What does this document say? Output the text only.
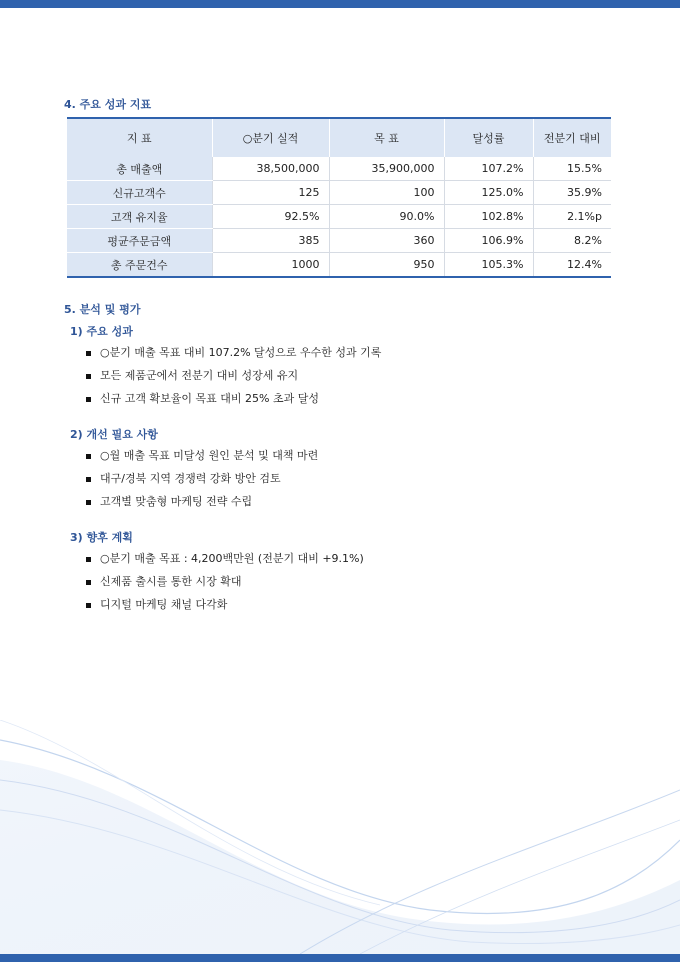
4. 주요 성과 지표
지 표	○분기 실적	목 표	달성률	전분기 대비
총 매출액	38,500,000	35,900,000	107.2%	15.5%
신규고객수	125	100	125.0%	35.9%
고객 유지율	92.5%	90.0%	102.8%	2.1%p
평균주문금액	385	360	106.9%	8.2%
총 주문건수	1000	950	105.3%	12.4%
5. 분석 및 평가
1) 주요 성과
○분기 매출 목표 대비 107.2% 달성으로 우수한 성과 기록
모든 제품군에서 전분기 대비 성장세 유지
신규 고객 확보율이 목표 대비 25% 초과 달성
2) 개선 필요 사항
○월 매출 목표 미달성 원인 분석 및 대책 마련
대구/경북 지역 경쟁력 강화 방안 검토
고객별 맞춤형 마케팅 전략 수립
3) 향후 계획
○분기 매출 목표 : 4,200백만원 (전분기 대비 +9.1%)
신제품 출시를 통한 시장 확대
디지털 마케팅 채널 다각화
